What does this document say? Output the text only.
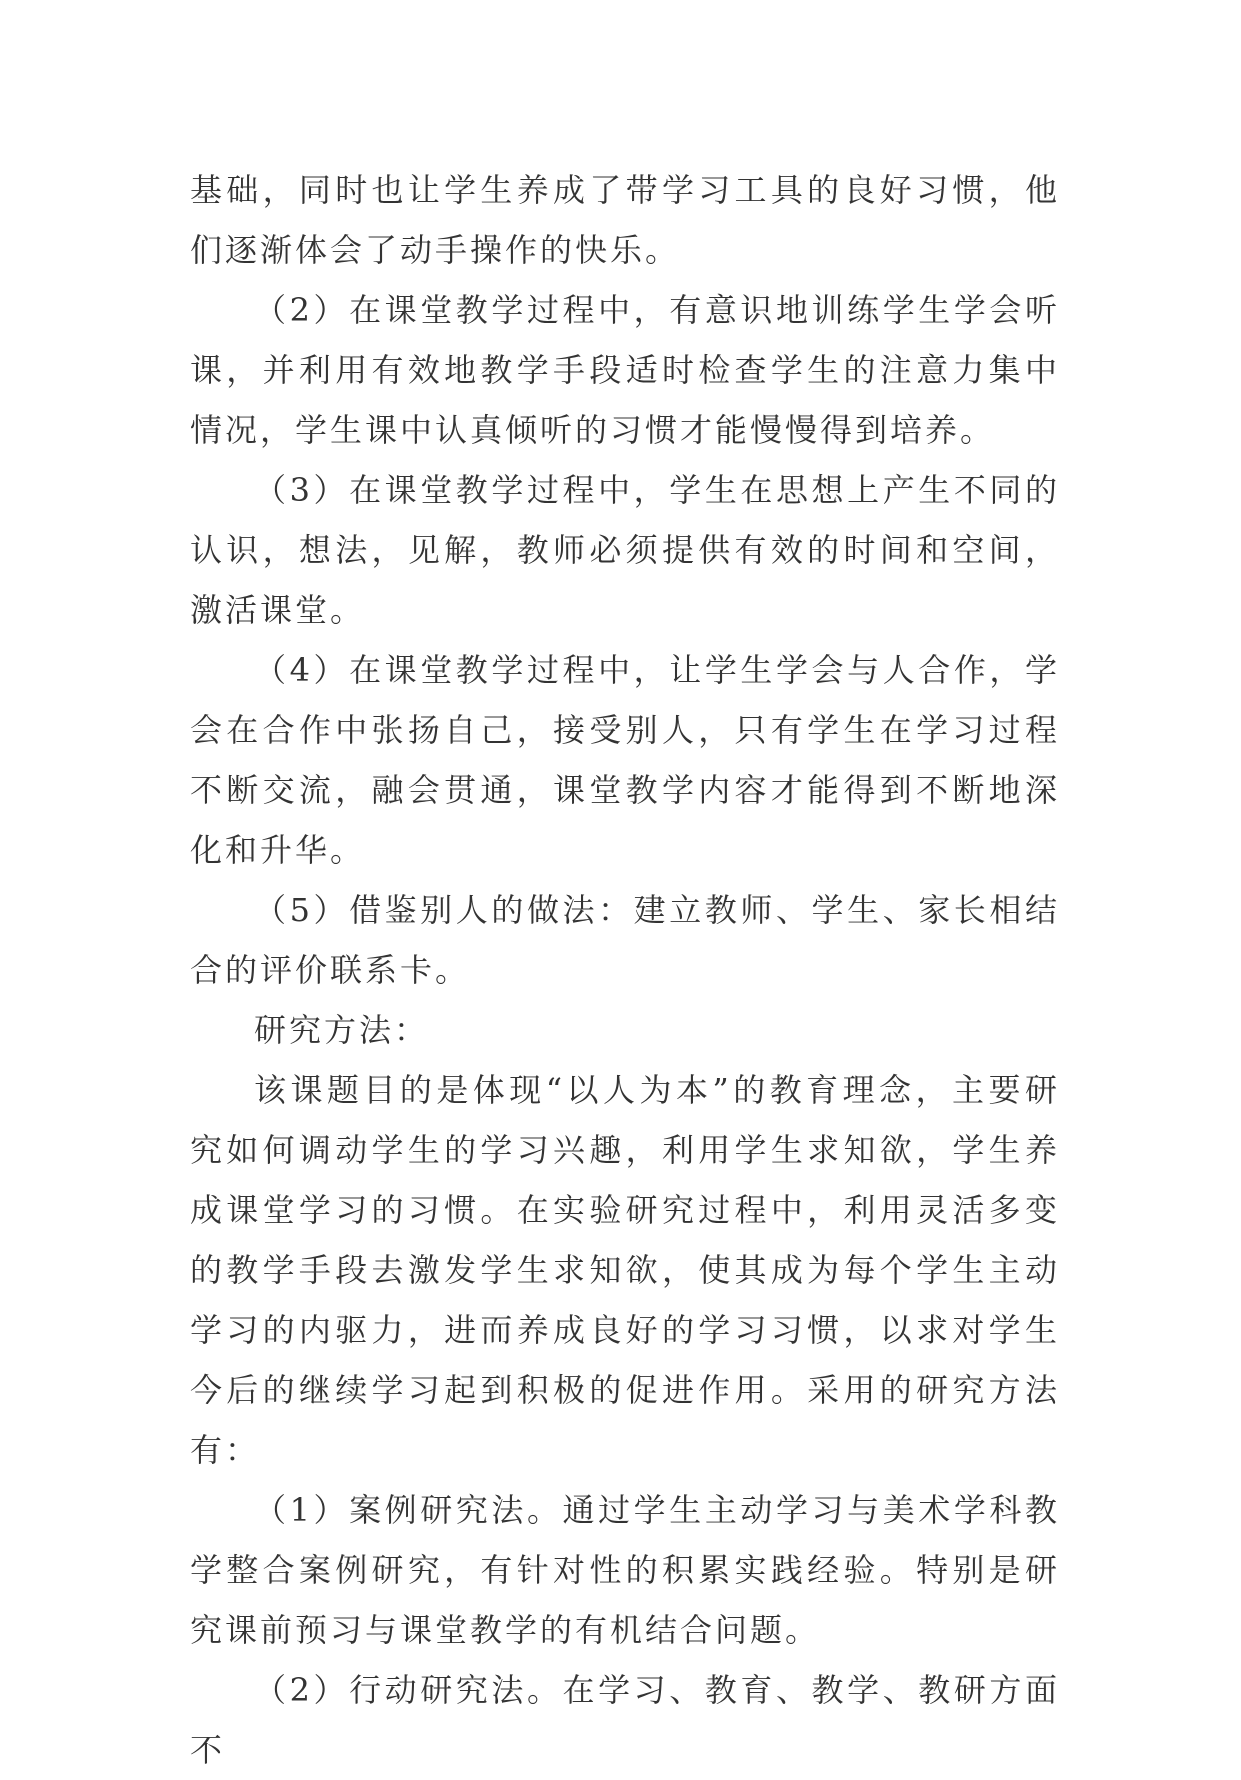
基础，同时也让学生养成了带学习工具的良好习惯，他们逐渐体会了动手操作的快乐。

（2）在课堂教学过程中，有意识地训练学生学会听课，并利用有效地教学手段适时检查学生的注意力集中情况，学生课中认真倾听的习惯才能慢慢得到培养。

（3）在课堂教学过程中，学生在思想上产生不同的认识，想法，见解，教师必须提供有效的时间和空间，激活课堂。

（4）在课堂教学过程中，让学生学会与人合作，学会在合作中张扬自己，接受别人，只有学生在学习过程不断交流，融会贯通，课堂教学内容才能得到不断地深化和升华。

（5）借鉴别人的做法：建立教师、学生、家长相结合的评价联系卡。

研究方法：

该课题目的是体现“以人为本”的教育理念，主要研究如何调动学生的学习兴趣，利用学生求知欲，学生养成课堂学习的习惯。在实验研究过程中，利用灵活多变的教学手段去激发学生求知欲，使其成为每个学生主动学习的内驱力，进而养成良好的学习习惯，以求对学生今后的继续学习起到积极的促进作用。采用的研究方法有：

（1）案例研究法。通过学生主动学习与美术学科教学整合案例研究，有针对性的积累实践经验。特别是研究课前预习与课堂教学的有机结合问题。

（2）行动研究法。在学习、教育、教学、教研方面不
